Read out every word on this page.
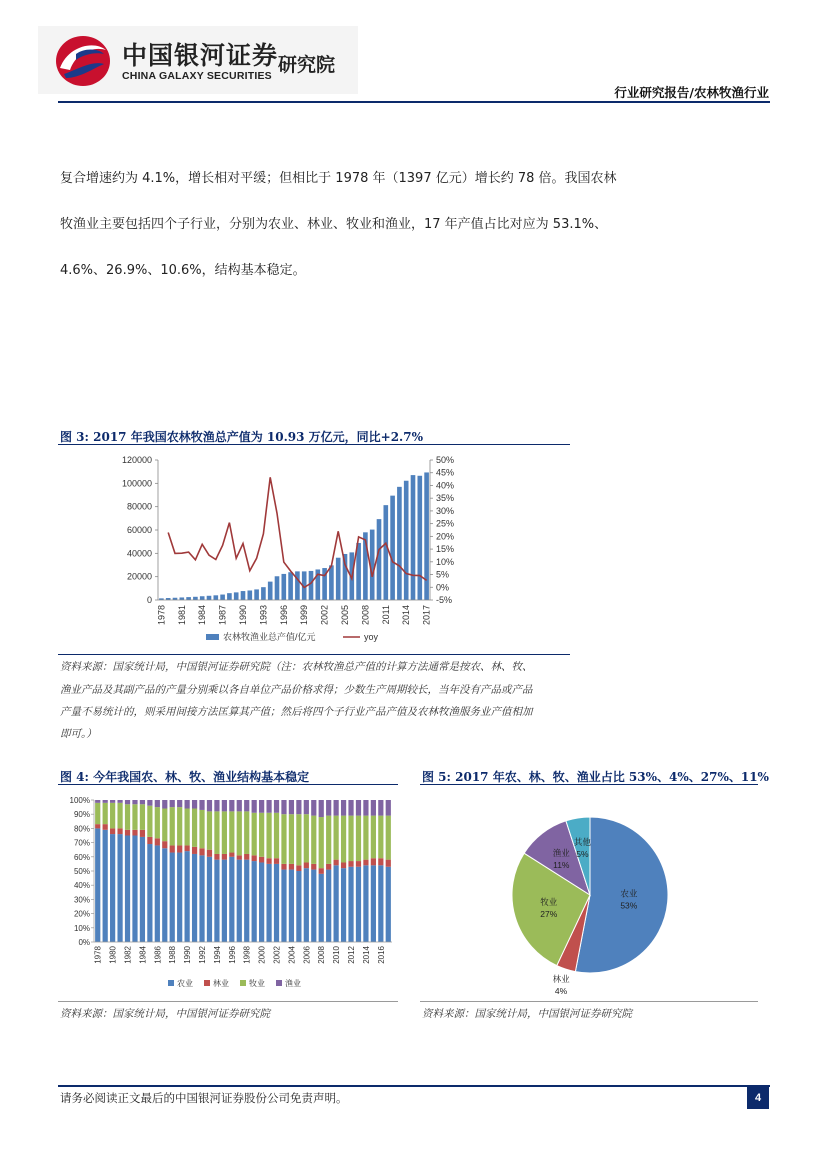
中国银河证券
CHINA GALAXY SECURITIES 研究院
行业研究报告/农林牧渔行业
复合增速约为 4.1%，增长相对平缓；但相比于 1978 年（1397 亿元）增长约 78 倍。我国农林
牧渔业主要包括四个子行业，分别为农业、林业、牧业和渔业，17 年产值占比对应为 53.1%、
4.6%、26.9%、10.6%，结构基本稳定。
图 3: 2017 年我国农林牧渔总产值为 10.93 万亿元，同比+2.7%
0
20000
40000
60000
80000
100000
120000
-5%
0%
5%
10%
15%
20%
25%
30%
35%
40%
45%
50%
1978 1981 1984 1987 1990 1993 1996 1999 2002 2005 2008 2011 2014 2017
农林牧渔业总产值/亿元	yoy
资料来源：国家统计局，中国银河证券研究院（注：农林牧渔总产值的计算方法通常是按农、林、牧、
渔业产品及其副产品的产量分别乘以各自单位产品价格求得；少数生产周期较长，当年没有产品或产品
产量不易统计的，则采用间接方法匡算其产值；然后将四个子行业产品产值及农林牧渔服务业产值相加
即可。）
图 4: 今年我国农、林、牧、渔业结构基本稳定
0%
10%
20%
30%
40%
50%
60%
70%
80%
90%
100%
1978 1980 1982 1984 1986 1988 1990 1992 1994 1996 1998 2000 2002 2004 2006 2008 2010 2012 2014 2016
农业	林业	牧业	渔业
资料来源：国家统计局，中国银河证券研究院
图 5: 2017 年农、林、牧、渔业占比 53%、4%、27%、11%
农业
53%
林业
4%
牧业
27%
渔业
11%
其他
5%
资料来源：国家统计局，中国银河证券研究院
请务必阅读正文最后的中国银河证券股份公司免责声明。	4
